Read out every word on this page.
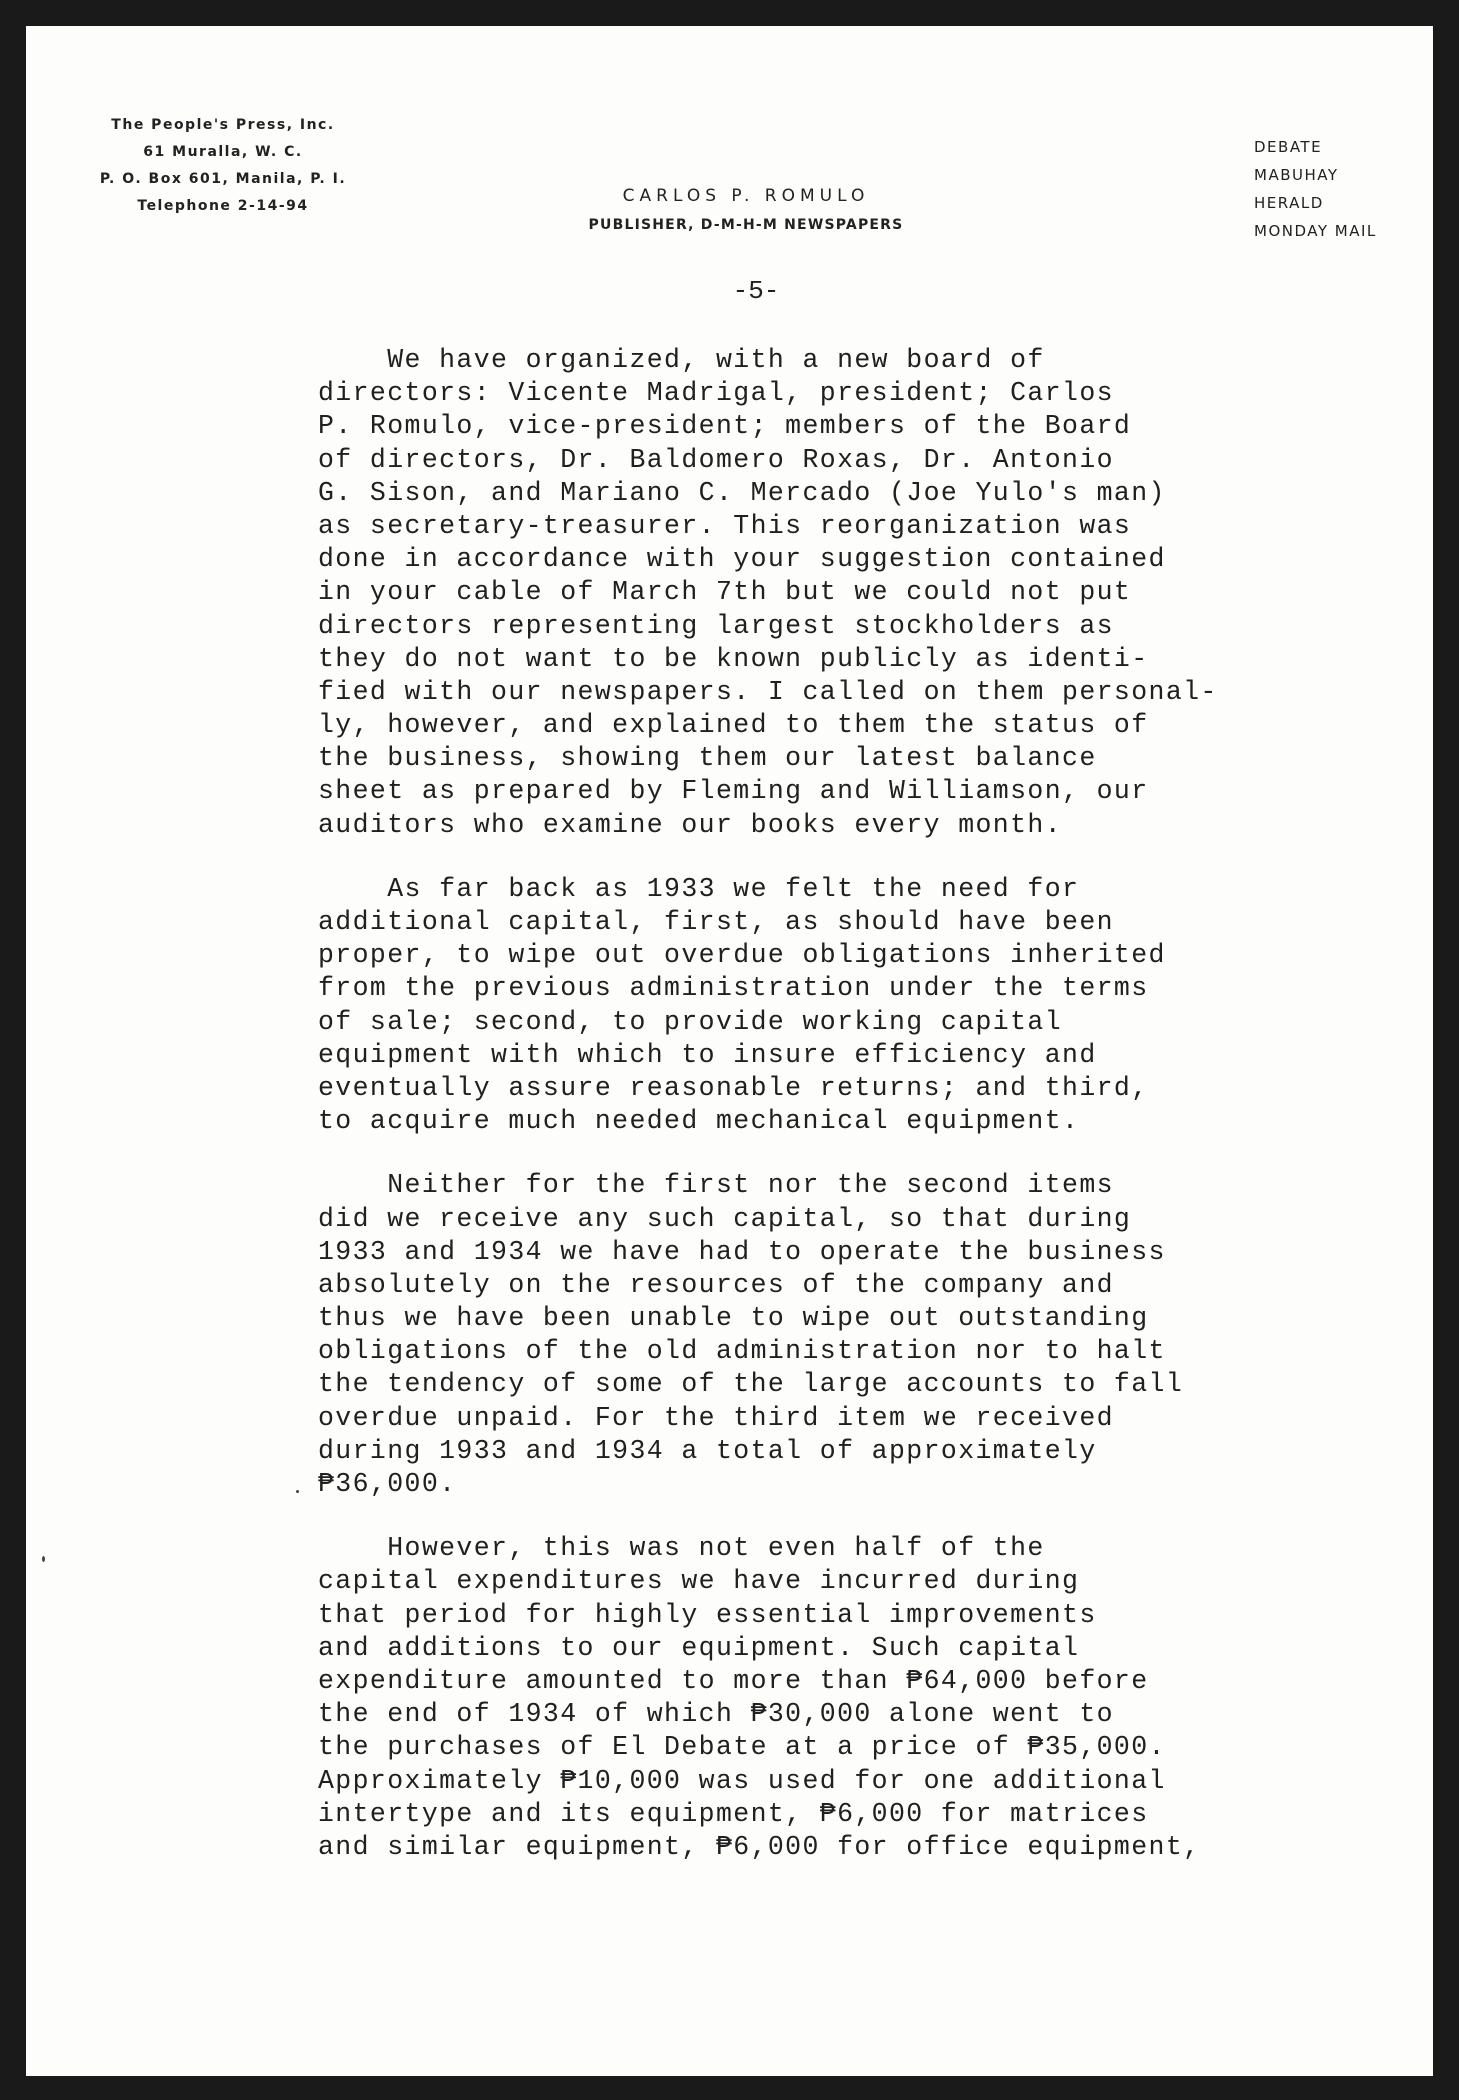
The People's Press, Inc.
61 Muralla, W. C.
P. O. Box 601, Manila, P. I.
Telephone 2-14-94	CARLOS P. ROMULO
PUBLISHER, D-M-H-M NEWSPAPERS
DEBATE
MABUHAY
HERALD
MONDAY MAIL
-5-
We have organized, with a new board of
directors: Vicente Madrigal, president; Carlos
P. Romulo, vice-president; members of the Board
of directors, Dr. Baldomero Roxas, Dr. Antonio
G. Sison, and Mariano C. Mercado (Joe Yulo's man)
as secretary-treasurer. This reorganization was
done in accordance with your suggestion contained
in your cable of March 7th but we could not put
directors representing largest stockholders as
they do not want to be known publicly as identi-
fied with our newspapers. I called on them personal-
ly, however, and explained to them the status of
the business, showing them our latest balance
sheet as prepared by Fleming and Williamson, our
auditors who examine our books every month.
As far back as 1933 we felt the need for
additional capital, first, as should have been
proper, to wipe out overdue obligations inherited
from the previous administration under the terms
of sale; second, to provide working capital
equipment with which to insure efficiency and
eventually assure reasonable returns; and third,
to acquire much needed mechanical equipment.
Neither for the first nor the second items
did we receive any such capital, so that during
1933 and 1934 we have had to operate the business
absolutely on the resources of the company and
thus we have been unable to wipe out outstanding
obligations of the old administration nor to halt
the tendency of some of the large accounts to fall
overdue unpaid. For the third item we received
during 1933 and 1934 a total of approximately
₱36,000.
However, this was not even half of the
capital expenditures we have incurred during
that period for highly essential improvements
and additions to our equipment. Such capital
expenditure amounted to more than ₱64,000 before
the end of 1934 of which ₱30,000 alone went to
the purchases of El Debate at a price of ₱35,000.
Approximately ₱10,000 was used for one additional
intertype and its equipment, ₱6,000 for matrices
and similar equipment, ₱6,000 for office equipment,
